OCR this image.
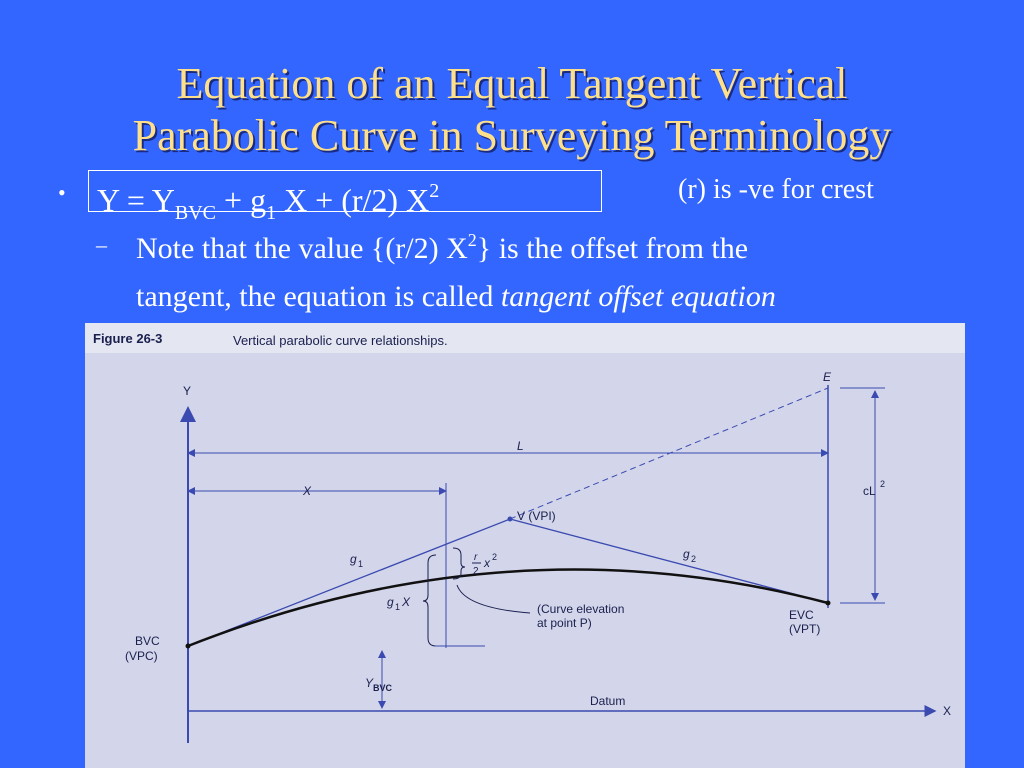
Equation of an Equal Tangent Vertical
Parabolic Curve in Surveying Terminology
• $Y = Y_{BVC} + g_1$ X + (r/2) $X^2$	(r) is -ve for crest
– Note that the value {(r/2) $X^2$} is the offset from the
tangent, the equation is called tangent offset equation
Figure 26-3	Vertical parabolic curve relationships.
Y
X
Datum
L
X
E
cL 2
V (VPI)
g 1
g 2
r
2
x 2
g 1 X	(Curve elevation
at point P)
EVC
(VPT)
BVC
(VPC)
Y BVC
